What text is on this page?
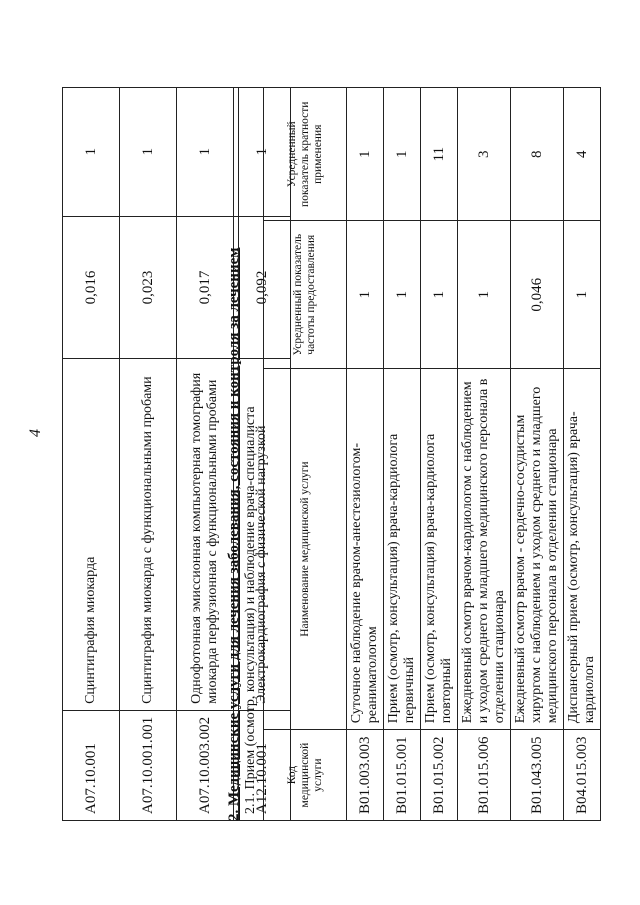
4
A07.10.001	Сцинтиграфия миокарда	0,016	1
A07.10.001.001	Сцинтиграфия миокарда с функциональными пробами	0,023	1
A07.10.003.002	Однофотонная эмиссионная компьютерная томография миокарда перфузионная с функциональными пробами	0,017	1
A12.10.001	Электрокардиография с физической нагрузкой	0,092	1
2. Медицинские услуги для лечения заболевания, состояния и контроля за лечением 2.1. Прием (осмотр, консультация) и наблюдение врача-специалиста			
Код медицинской услуги	Наименование медицинской услуги	Усредненный показатель частоты предоставления	Усредненный показатель кратности применения
B01.003.003	Суточное наблюдение врачом-анестезиологом-реаниматологом	1	1
B01.015.001	Прием (осмотр, консультация) врача-кардиолога первичный	1	1
B01.015.002	Прием (осмотр, консультация) врача-кардиолога повторный	1	11
B01.015.006	Ежедневный осмотр врачом-кардиологом с наблюдением и уходом среднего и младшего медицинского персонала в отделении стационара	1	3
B01.043.005	Ежедневный осмотр врачом - сердечно-сосудистым хирургом с наблюдением и уходом среднего и младшего медицинского персонала в отделении стационара	0,046	8
B04.015.003	Диспансерный прием (осмотр, консультация) врача-кардиолога	1	4
